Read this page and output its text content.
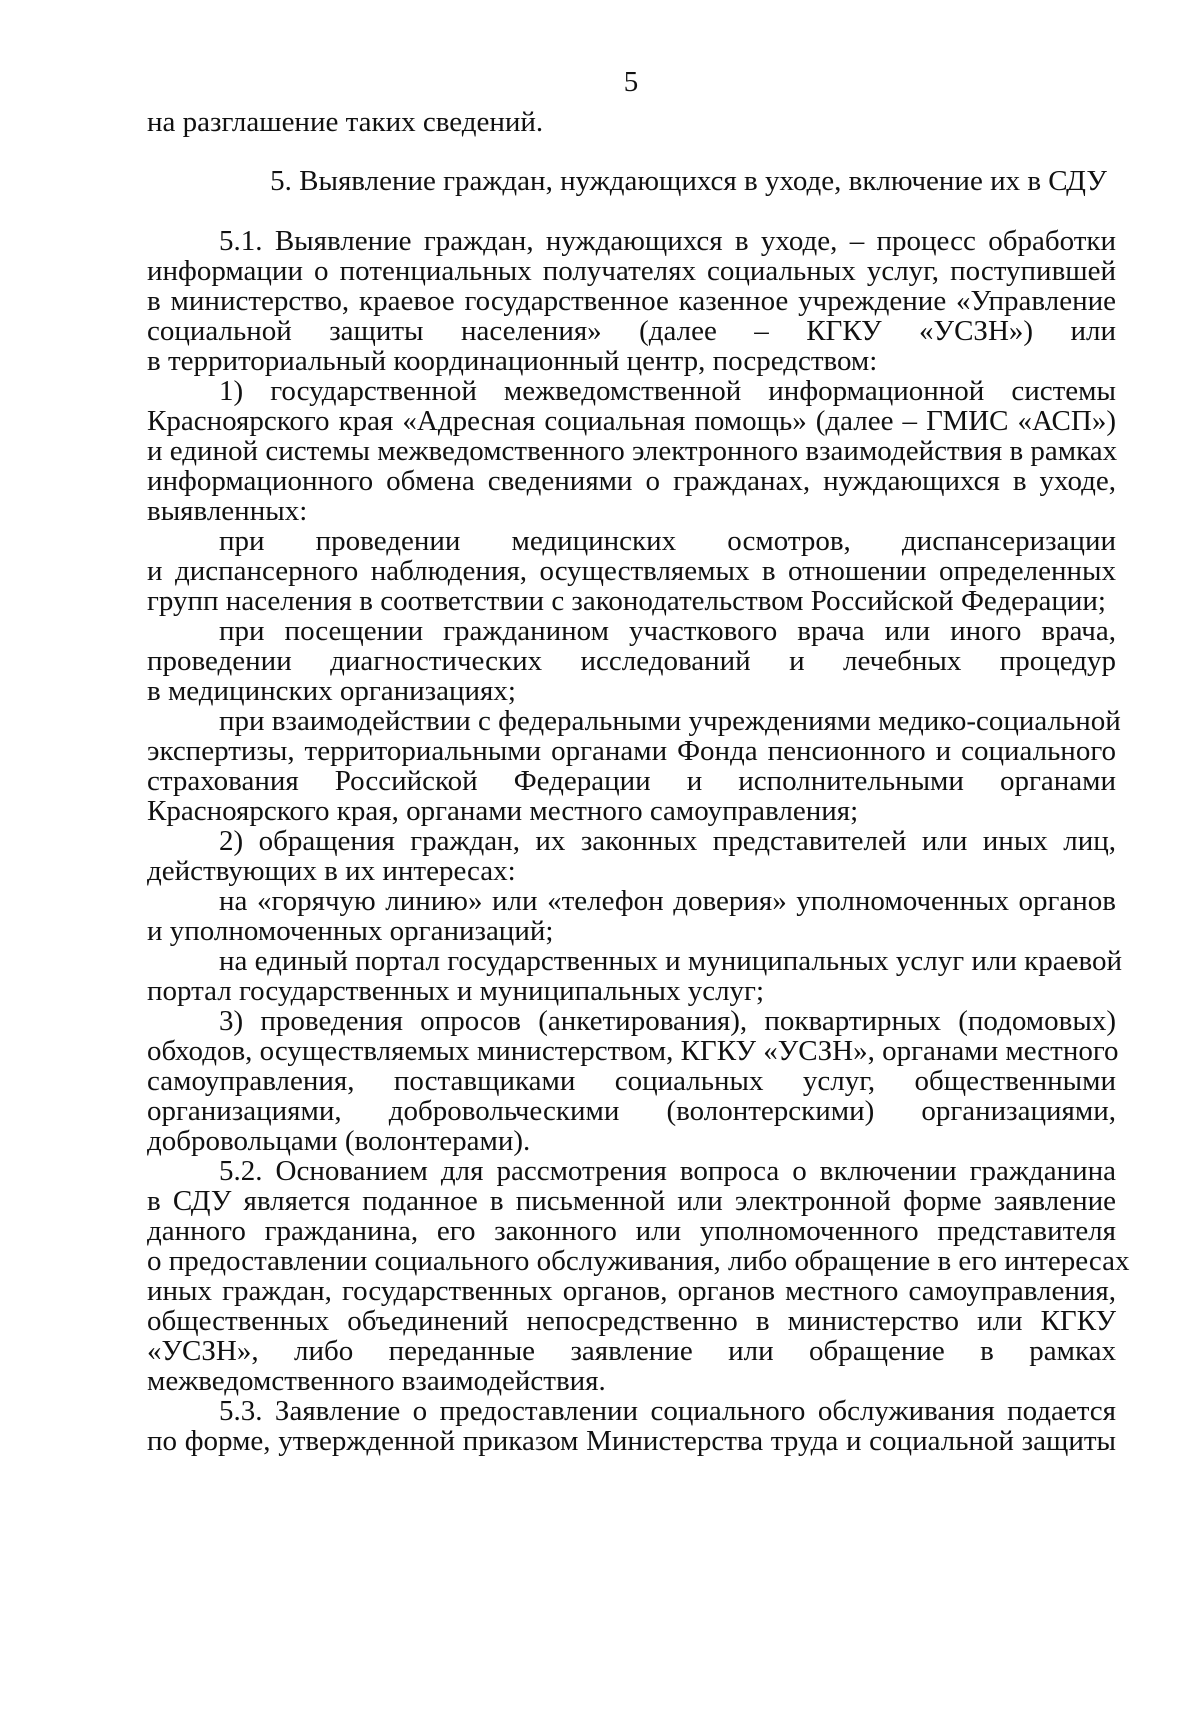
5
на разглашение таких сведений.
5. Выявление граждан, нуждающихся в уходе, включение их в СДУ
5.1. Выявление граждан, нуждающихся в уходе, – процесс обработки
информации о потенциальных получателях социальных услуг, поступившей
в министерство, краевое государственное казенное учреждение «Управление
социальной защиты населения» (далее – КГКУ «УСЗН») или
в территориальный координационный центр, посредством:
1) государственной межведомственной информационной системы
Красноярского края «Адресная социальная помощь» (далее – ГМИС «АСП»)
и единой системы межведомственного электронного взаимодействия в рамках
информационного обмена сведениями о гражданах, нуждающихся в уходе,
выявленных:
при проведении медицинских осмотров, диспансеризации
и диспансерного наблюдения, осуществляемых в отношении определенных
групп населения в соответствии с законодательством Российской Федерации;
при посещении гражданином участкового врача или иного врача,
проведении диагностических исследований и лечебных процедур
в медицинских организациях;
при взаимодействии с федеральными учреждениями медико-социальной
экспертизы, территориальными органами Фонда пенсионного и социального
страхования Российской Федерации и исполнительными органами
Красноярского края, органами местного самоуправления;
2) обращения граждан, их законных представителей или иных лиц,
действующих в их интересах:
на «горячую линию» или «телефон доверия» уполномоченных органов
и уполномоченных организаций;
на единый портал государственных и муниципальных услуг или краевой
портал государственных и муниципальных услуг;
3) проведения опросов (анкетирования), поквартирных (подомовых)
обходов, осуществляемых министерством, КГКУ «УСЗН», органами местного
самоуправления, поставщиками социальных услуг, общественными
организациями, добровольческими (волонтерскими) организациями,
добровольцами (волонтерами).
5.2. Основанием для рассмотрения вопроса о включении гражданина
в СДУ является поданное в письменной или электронной форме заявление
данного гражданина, его законного или уполномоченного представителя
о предоставлении социального обслуживания, либо обращение в его интересах
иных граждан, государственных органов, органов местного самоуправления,
общественных объединений непосредственно в министерство или КГКУ
«УСЗН», либо переданные заявление или обращение в рамках
межведомственного взаимодействия.
5.3. Заявление о предоставлении социального обслуживания подается
по форме, утвержденной приказом Министерства труда и социальной защиты
